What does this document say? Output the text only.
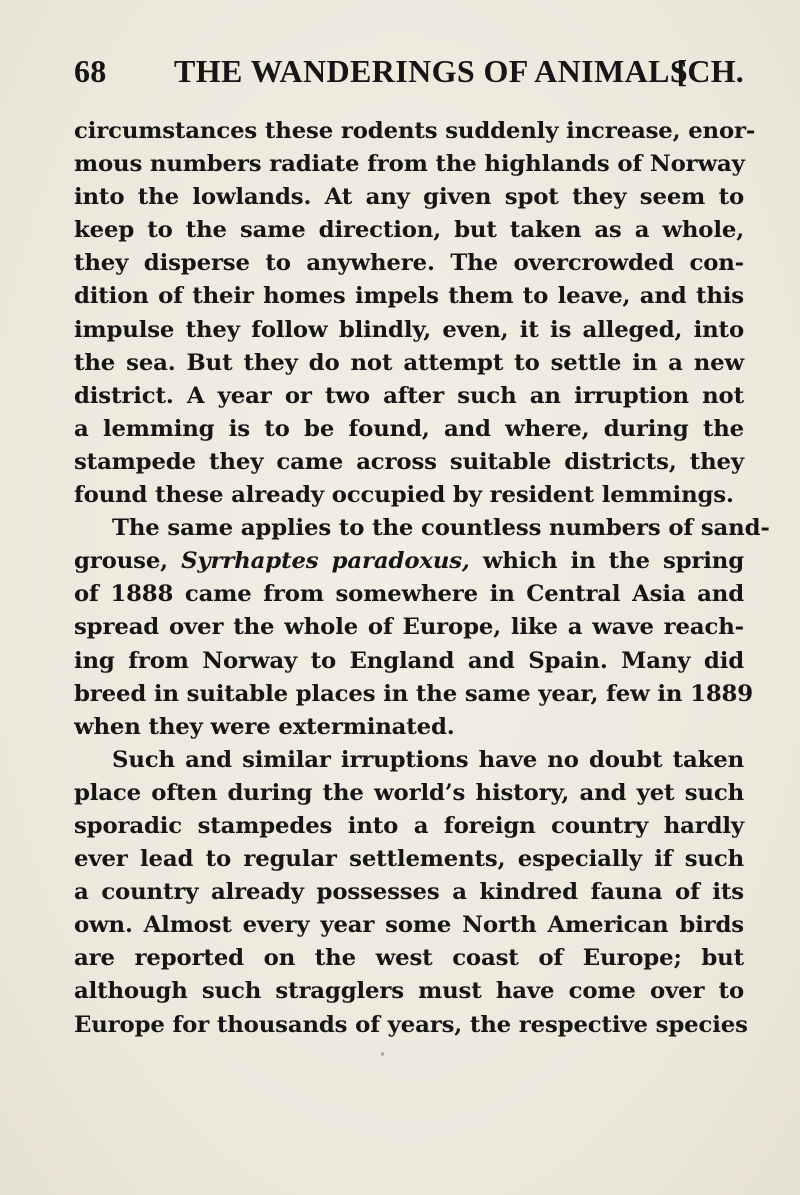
68 THE WANDERINGS OF ANIMALS
[CH.
circumstances these rodents suddenly increase, enor-
mous numbers radiate from the highlands of Norway
into the lowlands. At any given spot they seem to
keep to the same direction, but taken as a whole,
they disperse to anywhere. The overcrowded con-
dition of their homes impels them to leave, and this
impulse they follow blindly, even, it is alleged, into
the sea. But they do not attempt to settle in a new
district. A year or two after such an irruption not
a lemming is to be found, and where, during the
stampede they came across suitable districts, they
found these already occupied by resident lemmings.
The same applies to the countless numbers of sand-
grouse, Syrrhaptes paradoxus, which in the spring
of 1888 came from somewhere in Central Asia and
spread over the whole of Europe, like a wave reach-
ing from Norway to England and Spain. Many did
breed in suitable places in the same year, few in 1889
when they were exterminated.
Such and similar irruptions have no doubt taken
place often during the world’s history, and yet such
sporadic stampedes into a foreign country hardly
ever lead to regular settlements, especially if such
a country already possesses a kindred fauna of its
own. Almost every year some North American birds
are reported on the west coast of Europe; but
although such stragglers must have come over to
Europe for thousands of years, the respective species
